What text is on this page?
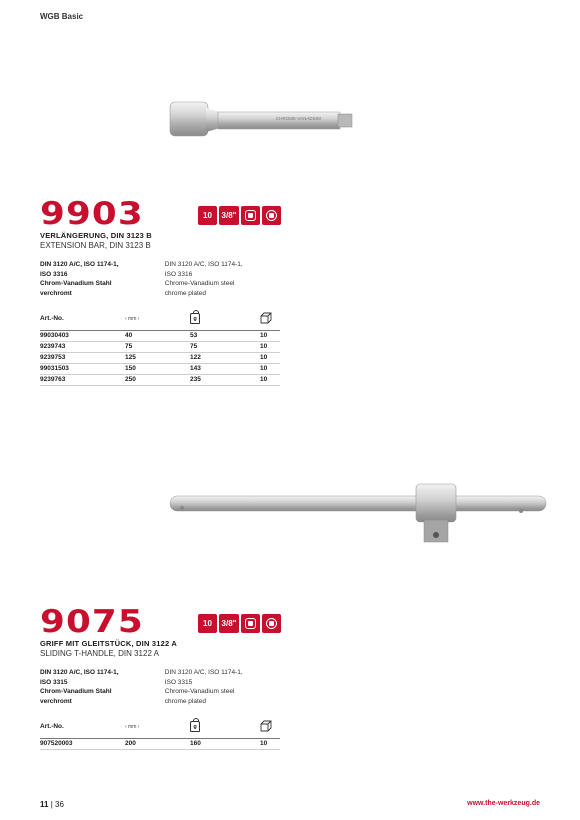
WGB Basic
CHROME-VANADIUM
9903	10	3/8"
VERLÄNGERUNG, DIN 3123 B
EXTENSION BAR, DIN 3123 B
DIN 3120 A/C, ISO 1174-1,
ISO 3316
Chrom-Vanadium Stahl
verchromt
DIN 3120 A/C, ISO 1174-1,
ISO 3316
Chrome-Vanadium steel
chrome plated
Art.-No.	‹ mm ›	g	

99030403	40	53	10
9239743	75	75	10
9239753	125	122	10
99031503	150	143	10
9239763	250	235	10
9075	10	3/8"
GRIFF MIT GLEITSTÜCK, DIN 3122 A
SLIDING T-HANDLE, DIN 3122 A
DIN 3120 A/C, ISO 1174-1,
ISO 3315
Chrom-Vanadium Stahl
verchromt
DIN 3120 A/C, ISO 1174-1,
ISO 3315
Chrome-Vanadium steel
chrome plated
Art.-No.	‹ mm ›	g	

907520003	200	160	10
11 | 36	www.the-werkzeug.de
